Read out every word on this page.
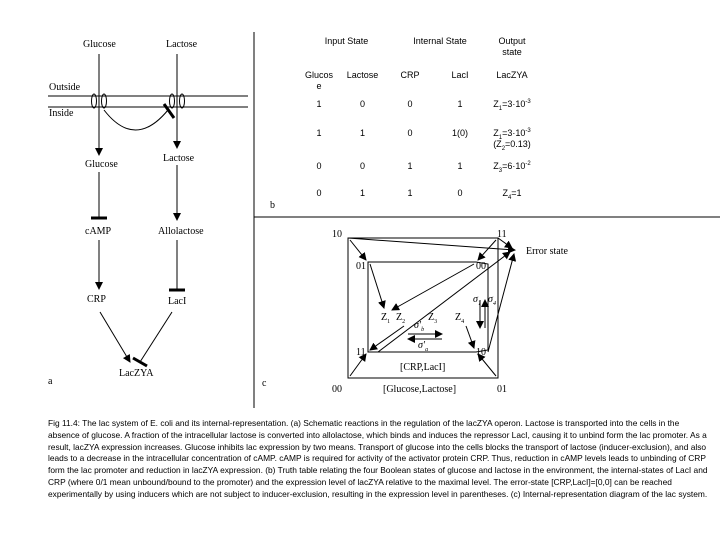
Glucose	Lactose
Outside
Inside
Glucose
Lactose
cAMP	Allolactose
CRP	LacI
LacZYA
a
b
Input State		Internal State		Output state
Glucos e	Lactose	CRP	LacI	LacZYA
1	0	0	1	$Z_1=3\cdot 10^{-3}$
1	1	0	1(0)	$Z_1=3\cdot 10^{-3}$
$(Z_2=0.13)$
0	0	1	1	$Z_3=6\cdot 10^{-2}$
0	1	1	0	$Z_4=1$
10	11
00	01
01	00
11	10
Error state
$Z_1$ $Z_2$ $Z_3$ $Z_4$
$\sigma_1$ $\sigma_4$
$\sigma'_b$
$\sigma'_a$
[CRP,LacI]
[Glucose,Lactose]
c

Fig 11.4: The lac system of E. coli and its internal-representation. (a) Schematic reactions in the regulation of the lacZYA operon. Lactose is transported into the cells in the absence of glucose. A fraction of the intracellular lactose is converted into allolactose, which binds and induces the repressor LacI, causing it to unbind form the lac promoter. As a result, lacZYA expression increases. Glucose inhibits lac expression by two means. Transport of glucose into the cells blocks the transport of lactose (inducer-exclusion), and also leads to a decrease in the intracellular concentration of cAMP. cAMP is required for activity of the activator protein CRP. Thus, reduction in cAMP levels leads to unbinding of CRP form the lac promoter and reduction in lacZYA expression. (b) Truth table relating the four Boolean states of glucose and lactose in the environment, the internal-states of LacI and CRP (where 0/1 mean unbound/bound to the promoter) and the expression level of lacZYA relative to the maximal level. The error-state [CRP,LacI]=[0,0] can be reached experimentally by using inducers which are not subject to inducer-exclusion, resulting in the expression level in parentheses. (c) Internal-representation diagram of the lac system.
